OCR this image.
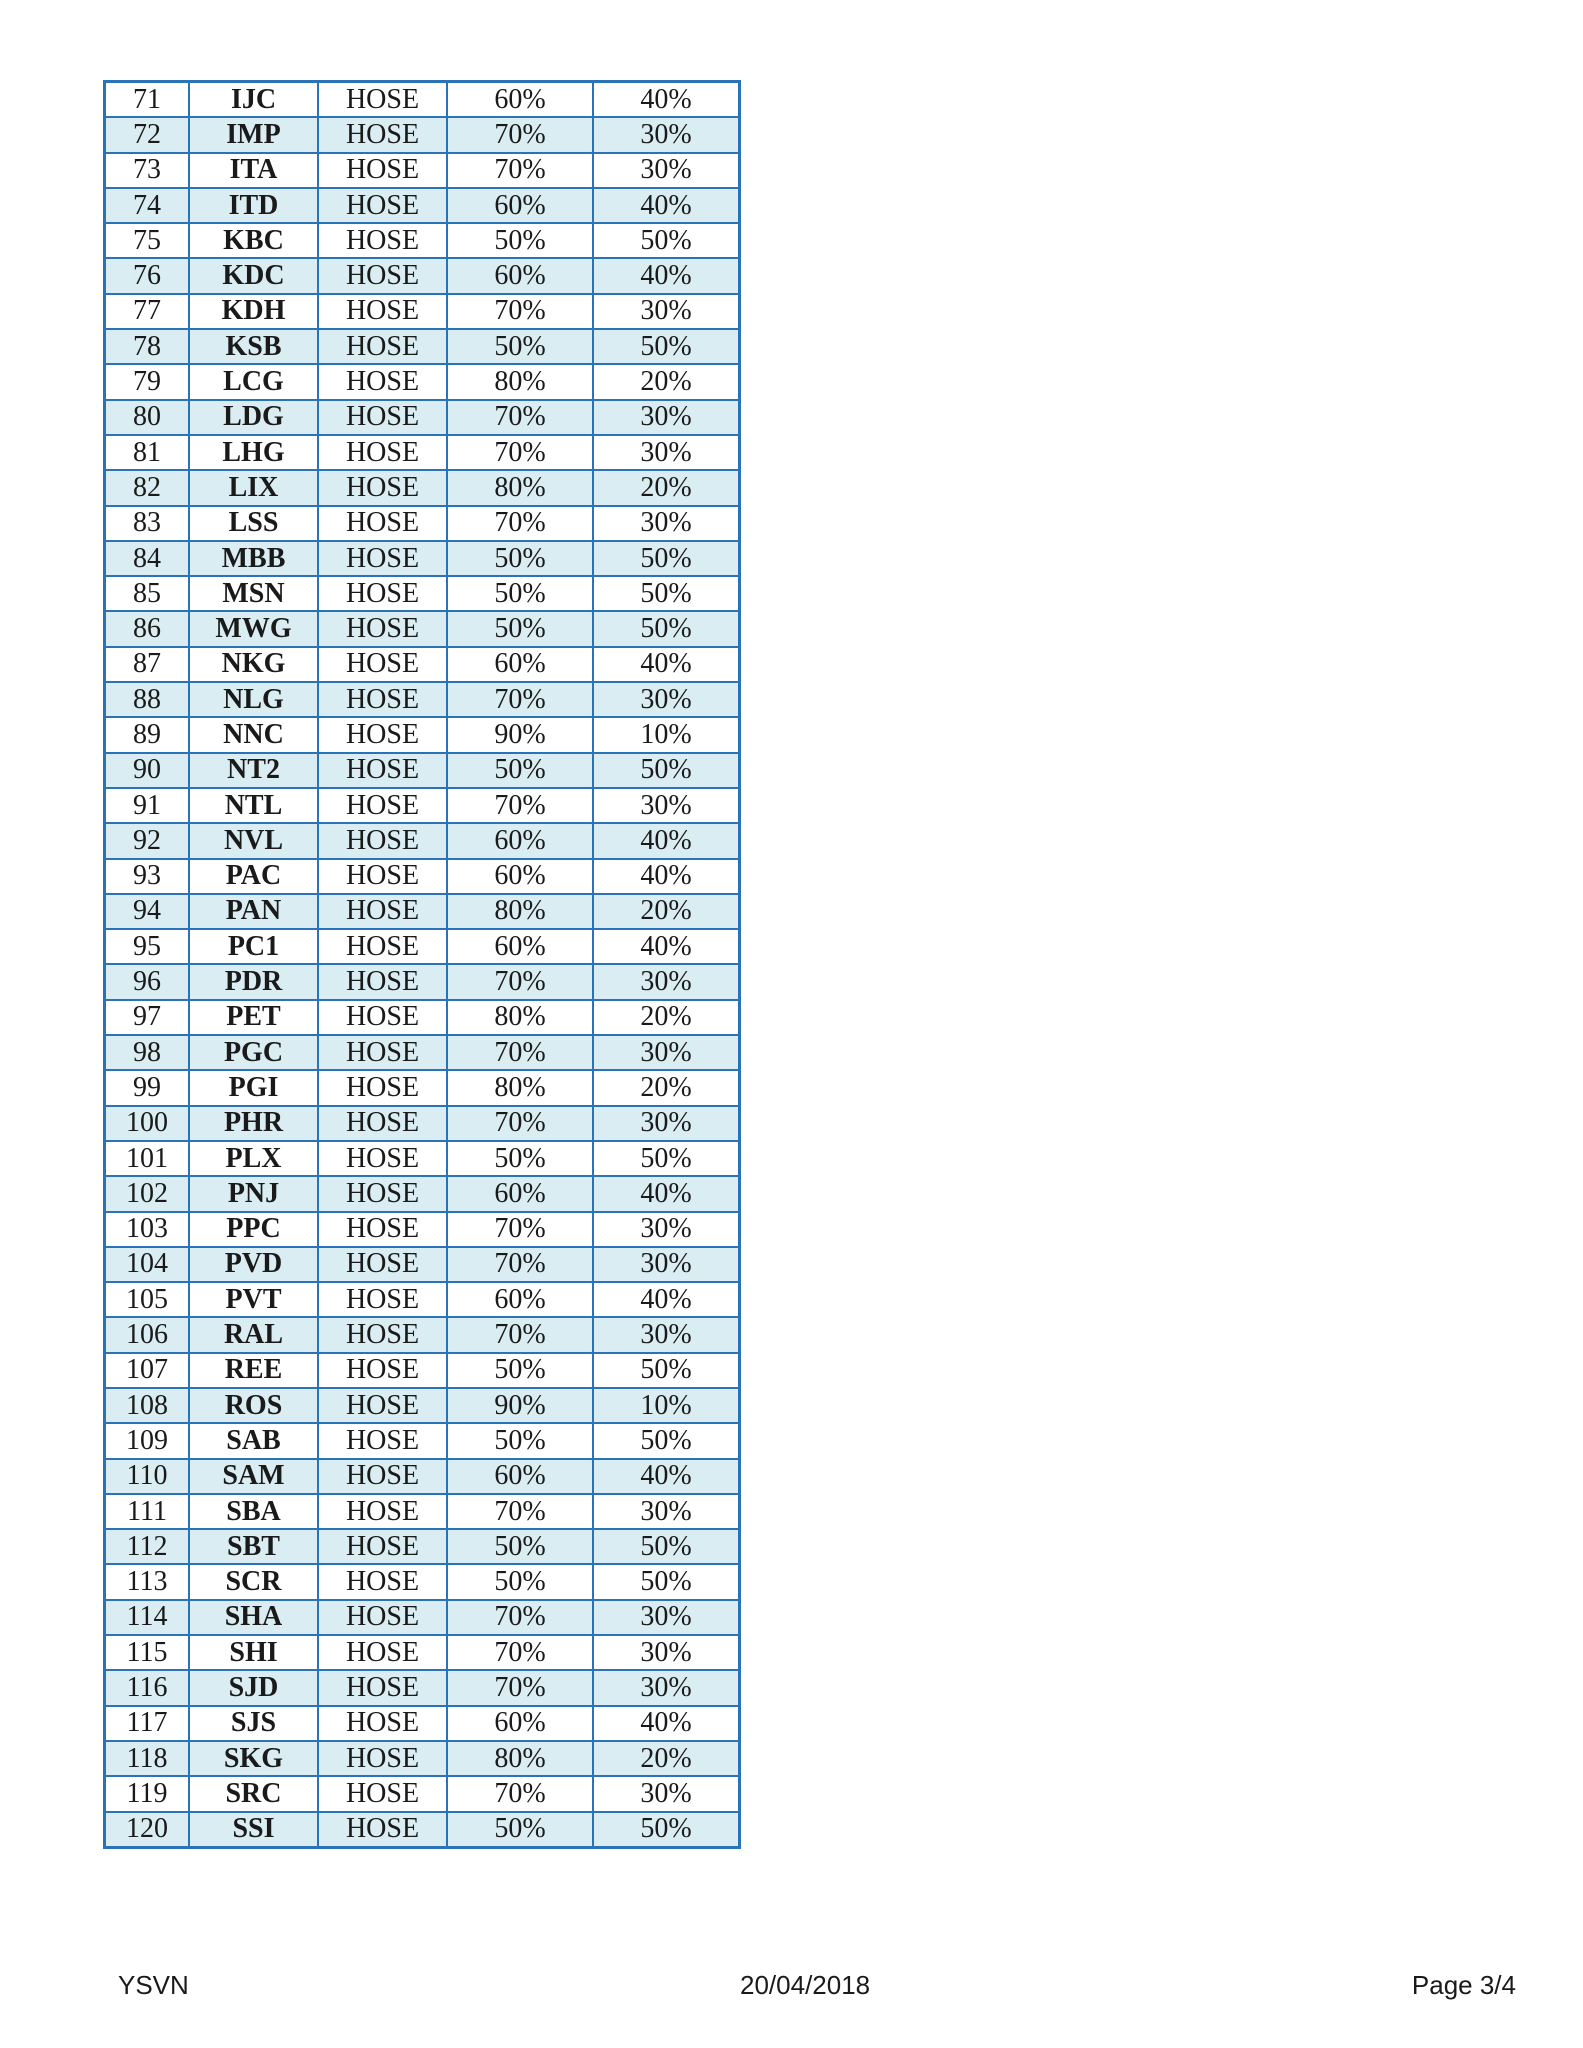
71	IJC	HOSE	60%	40%
72	IMP	HOSE	70%	30%
73	ITA	HOSE	70%	30%
74	ITD	HOSE	60%	40%
75	KBC	HOSE	50%	50%
76	KDC	HOSE	60%	40%
77	KDH	HOSE	70%	30%
78	KSB	HOSE	50%	50%
79	LCG	HOSE	80%	20%
80	LDG	HOSE	70%	30%
81	LHG	HOSE	70%	30%
82	LIX	HOSE	80%	20%
83	LSS	HOSE	70%	30%
84	MBB	HOSE	50%	50%
85	MSN	HOSE	50%	50%
86	MWG	HOSE	50%	50%
87	NKG	HOSE	60%	40%
88	NLG	HOSE	70%	30%
89	NNC	HOSE	90%	10%
90	NT2	HOSE	50%	50%
91	NTL	HOSE	70%	30%
92	NVL	HOSE	60%	40%
93	PAC	HOSE	60%	40%
94	PAN	HOSE	80%	20%
95	PC1	HOSE	60%	40%
96	PDR	HOSE	70%	30%
97	PET	HOSE	80%	20%
98	PGC	HOSE	70%	30%
99	PGI	HOSE	80%	20%
100	PHR	HOSE	70%	30%
101	PLX	HOSE	50%	50%
102	PNJ	HOSE	60%	40%
103	PPC	HOSE	70%	30%
104	PVD	HOSE	70%	30%
105	PVT	HOSE	60%	40%
106	RAL	HOSE	70%	30%
107	REE	HOSE	50%	50%
108	ROS	HOSE	90%	10%
109	SAB	HOSE	50%	50%
110	SAM	HOSE	60%	40%
111	SBA	HOSE	70%	30%
112	SBT	HOSE	50%	50%
113	SCR	HOSE	50%	50%
114	SHA	HOSE	70%	30%
115	SHI	HOSE	70%	30%
116	SJD	HOSE	70%	30%
117	SJS	HOSE	60%	40%
118	SKG	HOSE	80%	20%
119	SRC	HOSE	70%	30%
120	SSI	HOSE	50%	50%
YSVN	20/04/2018	Page 3/4
